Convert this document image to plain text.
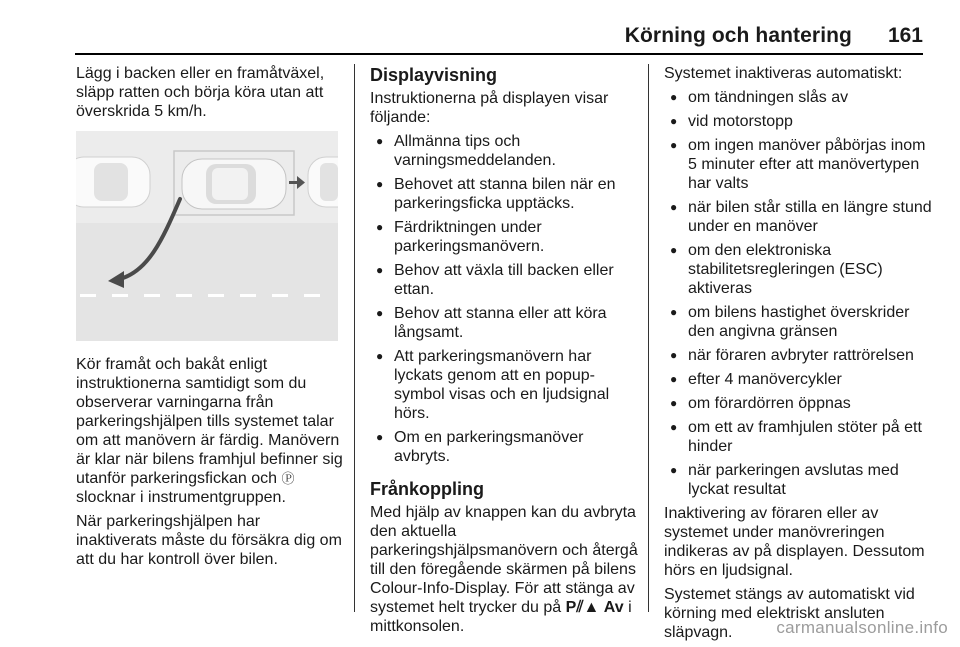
Körning och hantering 161

Lägg i backen eller en framåtväxel, släpp ratten och börja köra utan att överskrida 5 km/h.

Kör framåt och bakåt enligt instruktionerna samtidigt som du observerar varningarna från parkeringshjälpen tills systemet talar om att manövern är färdig. Manövern är klar när bilens framhjul befinner sig utanför parkeringsfickan och Ⓟ slocknar i instrumentgruppen.

När parkeringshjälpen har inaktiverats måste du försäkra dig om att du har kontroll över bilen.

Displayvisning

Instruktionerna på displayen visar följande:

● Allmänna tips och varningsmeddelanden.
● Behovet att stanna bilen när en parkeringsficka upptäcks.
● Färdriktningen under parkeringsmanövern.
● Behov att växla till backen eller ettan.
● Behov att stanna eller att köra långsamt.
● Att parkeringsmanövern har lyckats genom att en popup-symbol visas och en ljudsignal hörs.
● Om en parkeringsmanöver avbryts.
Frånkoppling

Med hjälp av knappen kan du avbryta den aktuella parkeringshjälpsmanövern och återgå till den föregående skärmen på bilens Colour-Info-Display. För att stänga av systemet helt trycker du på P⫽▲ Av i mittkonsolen.

Systemet inaktiveras automatiskt:

● om tändningen slås av
● vid motorstopp
● om ingen manöver påbörjas inom 5 minuter efter att manövertypen har valts
● när bilen står stilla en längre stund under en manöver
● om den elektroniska stabilitetsregleringen (ESC) aktiveras
● om bilens hastighet överskrider den angivna gränsen
● när föraren avbryter rattrörelsen
● efter 4 manövercykler
● om förardörren öppnas
● om ett av framhjulen stöter på ett hinder
● när parkeringen avslutas med lyckat resultat

Inaktivering av föraren eller av systemet under manövreringen indikeras av på displayen. Dessutom hörs en ljudsignal.

Systemet stängs av automatiskt vid körning med elektriskt ansluten släpvagn.	carmanualsonline.info
